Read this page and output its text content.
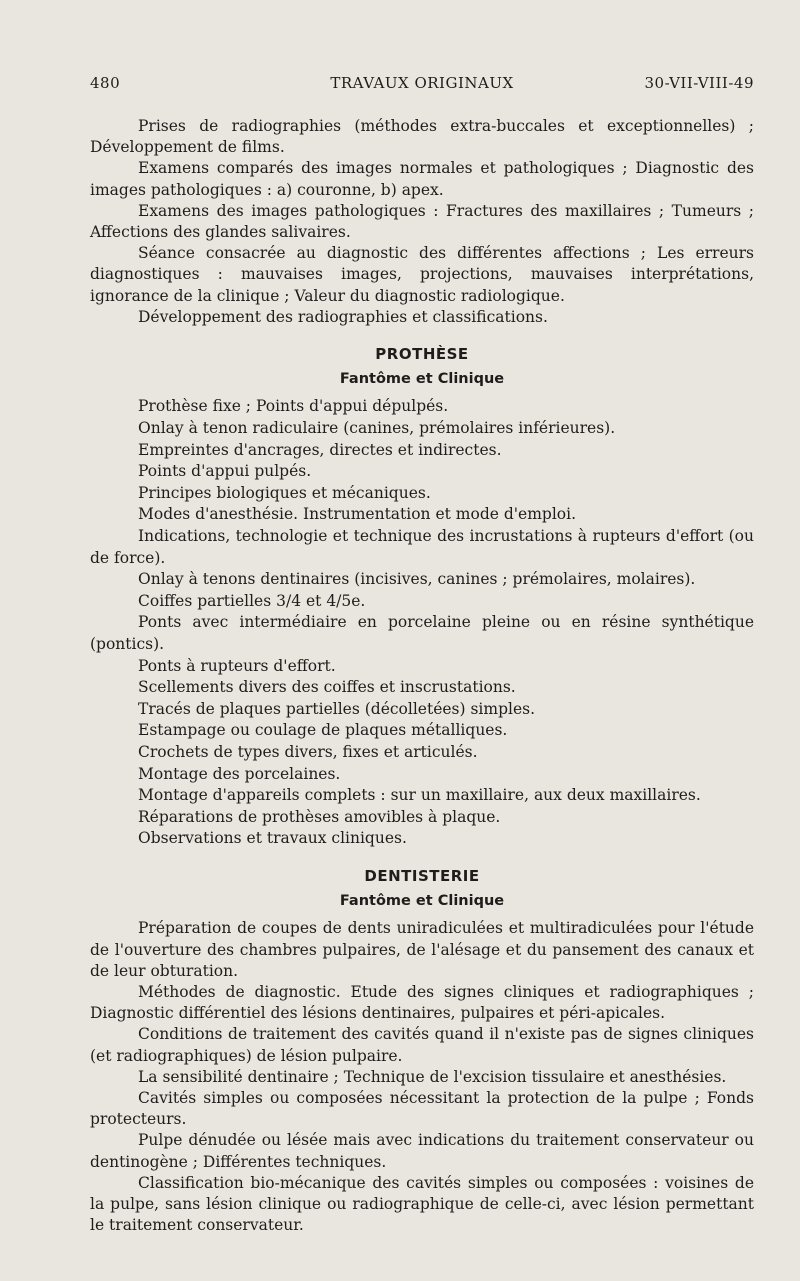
480	TRAVAUX ORIGINAUX	30-VII-VIII-49

Prises de radiographies (méthodes extra-buccales et exceptionnelles) ; Développement de films.

Examens comparés des images normales et pathologiques ; Diagnostic des images pathologiques : a) couronne, b) apex.

Examens des images pathologiques : Fractures des maxillaires ; Tumeurs ; Affections des glandes salivaires.

Séance consacrée au diagnostic des différentes affections ; Les erreurs diagnostiques : mauvaises images, projections, mauvaises interprétations, ignorance de la clinique ; Valeur du diagnostic radiologique.

Développement des radiographies et classifications.

PROTHÈSE

Fantôme et Clinique

Prothèse fixe ; Points d'appui dépulpés.

Onlay à tenon radiculaire (canines, prémolaires inférieures).

Empreintes d'ancrages, directes et indirectes.

Points d'appui pulpés.

Principes biologiques et mécaniques.

Modes d'anesthésie. Instrumentation et mode d'emploi.

Indications, technologie et technique des incrustations à rupteurs d'effort (ou de force).

Onlay à tenons dentinaires (incisives, canines ; prémolaires, molaires).

Coiffes partielles 3/4 et 4/5e.

Ponts avec intermédiaire en porcelaine pleine ou en résine synthétique (pontics).

Ponts à rupteurs d'effort.

Scellements divers des coiffes et inscrustations.

Tracés de plaques partielles (décolletées) simples.

Estampage ou coulage de plaques métalliques.

Crochets de types divers, fixes et articulés.

Montage des porcelaines.

Montage d'appareils complets : sur un maxillaire, aux deux maxillaires.

Réparations de prothèses amovibles à plaque.

Observations et travaux cliniques.

DENTISTERIE

Fantôme et Clinique

Préparation de coupes de dents uniradiculées et multiradiculées pour l'étude de l'ouverture des chambres pulpaires, de l'alésage et du pansement des canaux et de leur obturation.

Méthodes de diagnostic. Etude des signes cliniques et radiographiques ; Diagnostic différentiel des lésions dentinaires, pulpaires et péri-apicales.

Conditions de traitement des cavités quand il n'existe pas de signes cliniques (et radiographiques) de lésion pulpaire.

La sensibilité dentinaire ; Technique de l'excision tissulaire et anesthésies.

Cavités simples ou composées nécessitant la protection de la pulpe ; Fonds protecteurs.

Pulpe dénudée ou lésée mais avec indications du traitement conservateur ou dentinogène ; Différentes techniques.

Classification bio-mécanique des cavités simples ou composées : voisines de la pulpe, sans lésion clinique ou radiographique de celle-ci, avec lésion permettant le traitement conservateur.
